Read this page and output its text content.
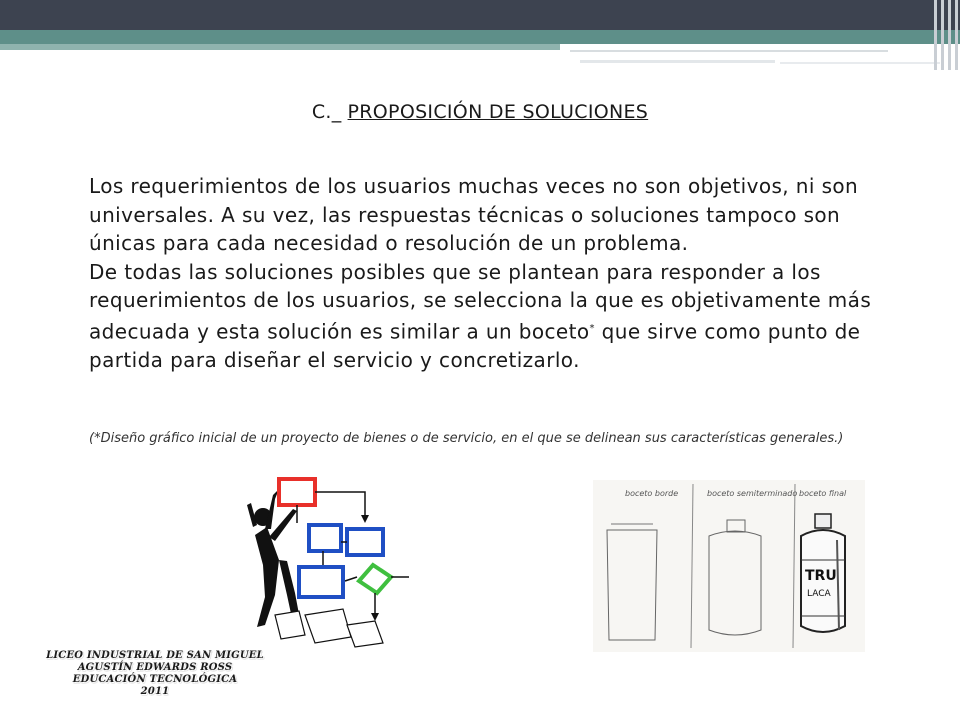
C._ PROPOSICIÓN DE SOLUCIONES

Los requerimientos de los usuarios muchas veces no son objetivos, ni son universales. A su vez, las respuestas técnicas o soluciones tampoco son únicas para cada necesidad o resolución de un problema.

De todas las soluciones posibles que se plantean para responder a los requerimientos de los usuarios, se selecciona la que es objetivamente más adecuada y esta solución es similar a un boceto* que sirve como punto de partida para diseñar el servicio y concretizarlo.

(*Diseño gráfico inicial de un proyecto de bienes o de servicio, en el que se delinean sus características generales.)
boceto borde	boceto semiterminado boceto final
TRU
LACA
LICEO INDUSTRIAL DE SAN MIGUEL
AGUSTÍN EDWARDS ROSS
EDUCACIÓN TECNOLÓGICA
2011
